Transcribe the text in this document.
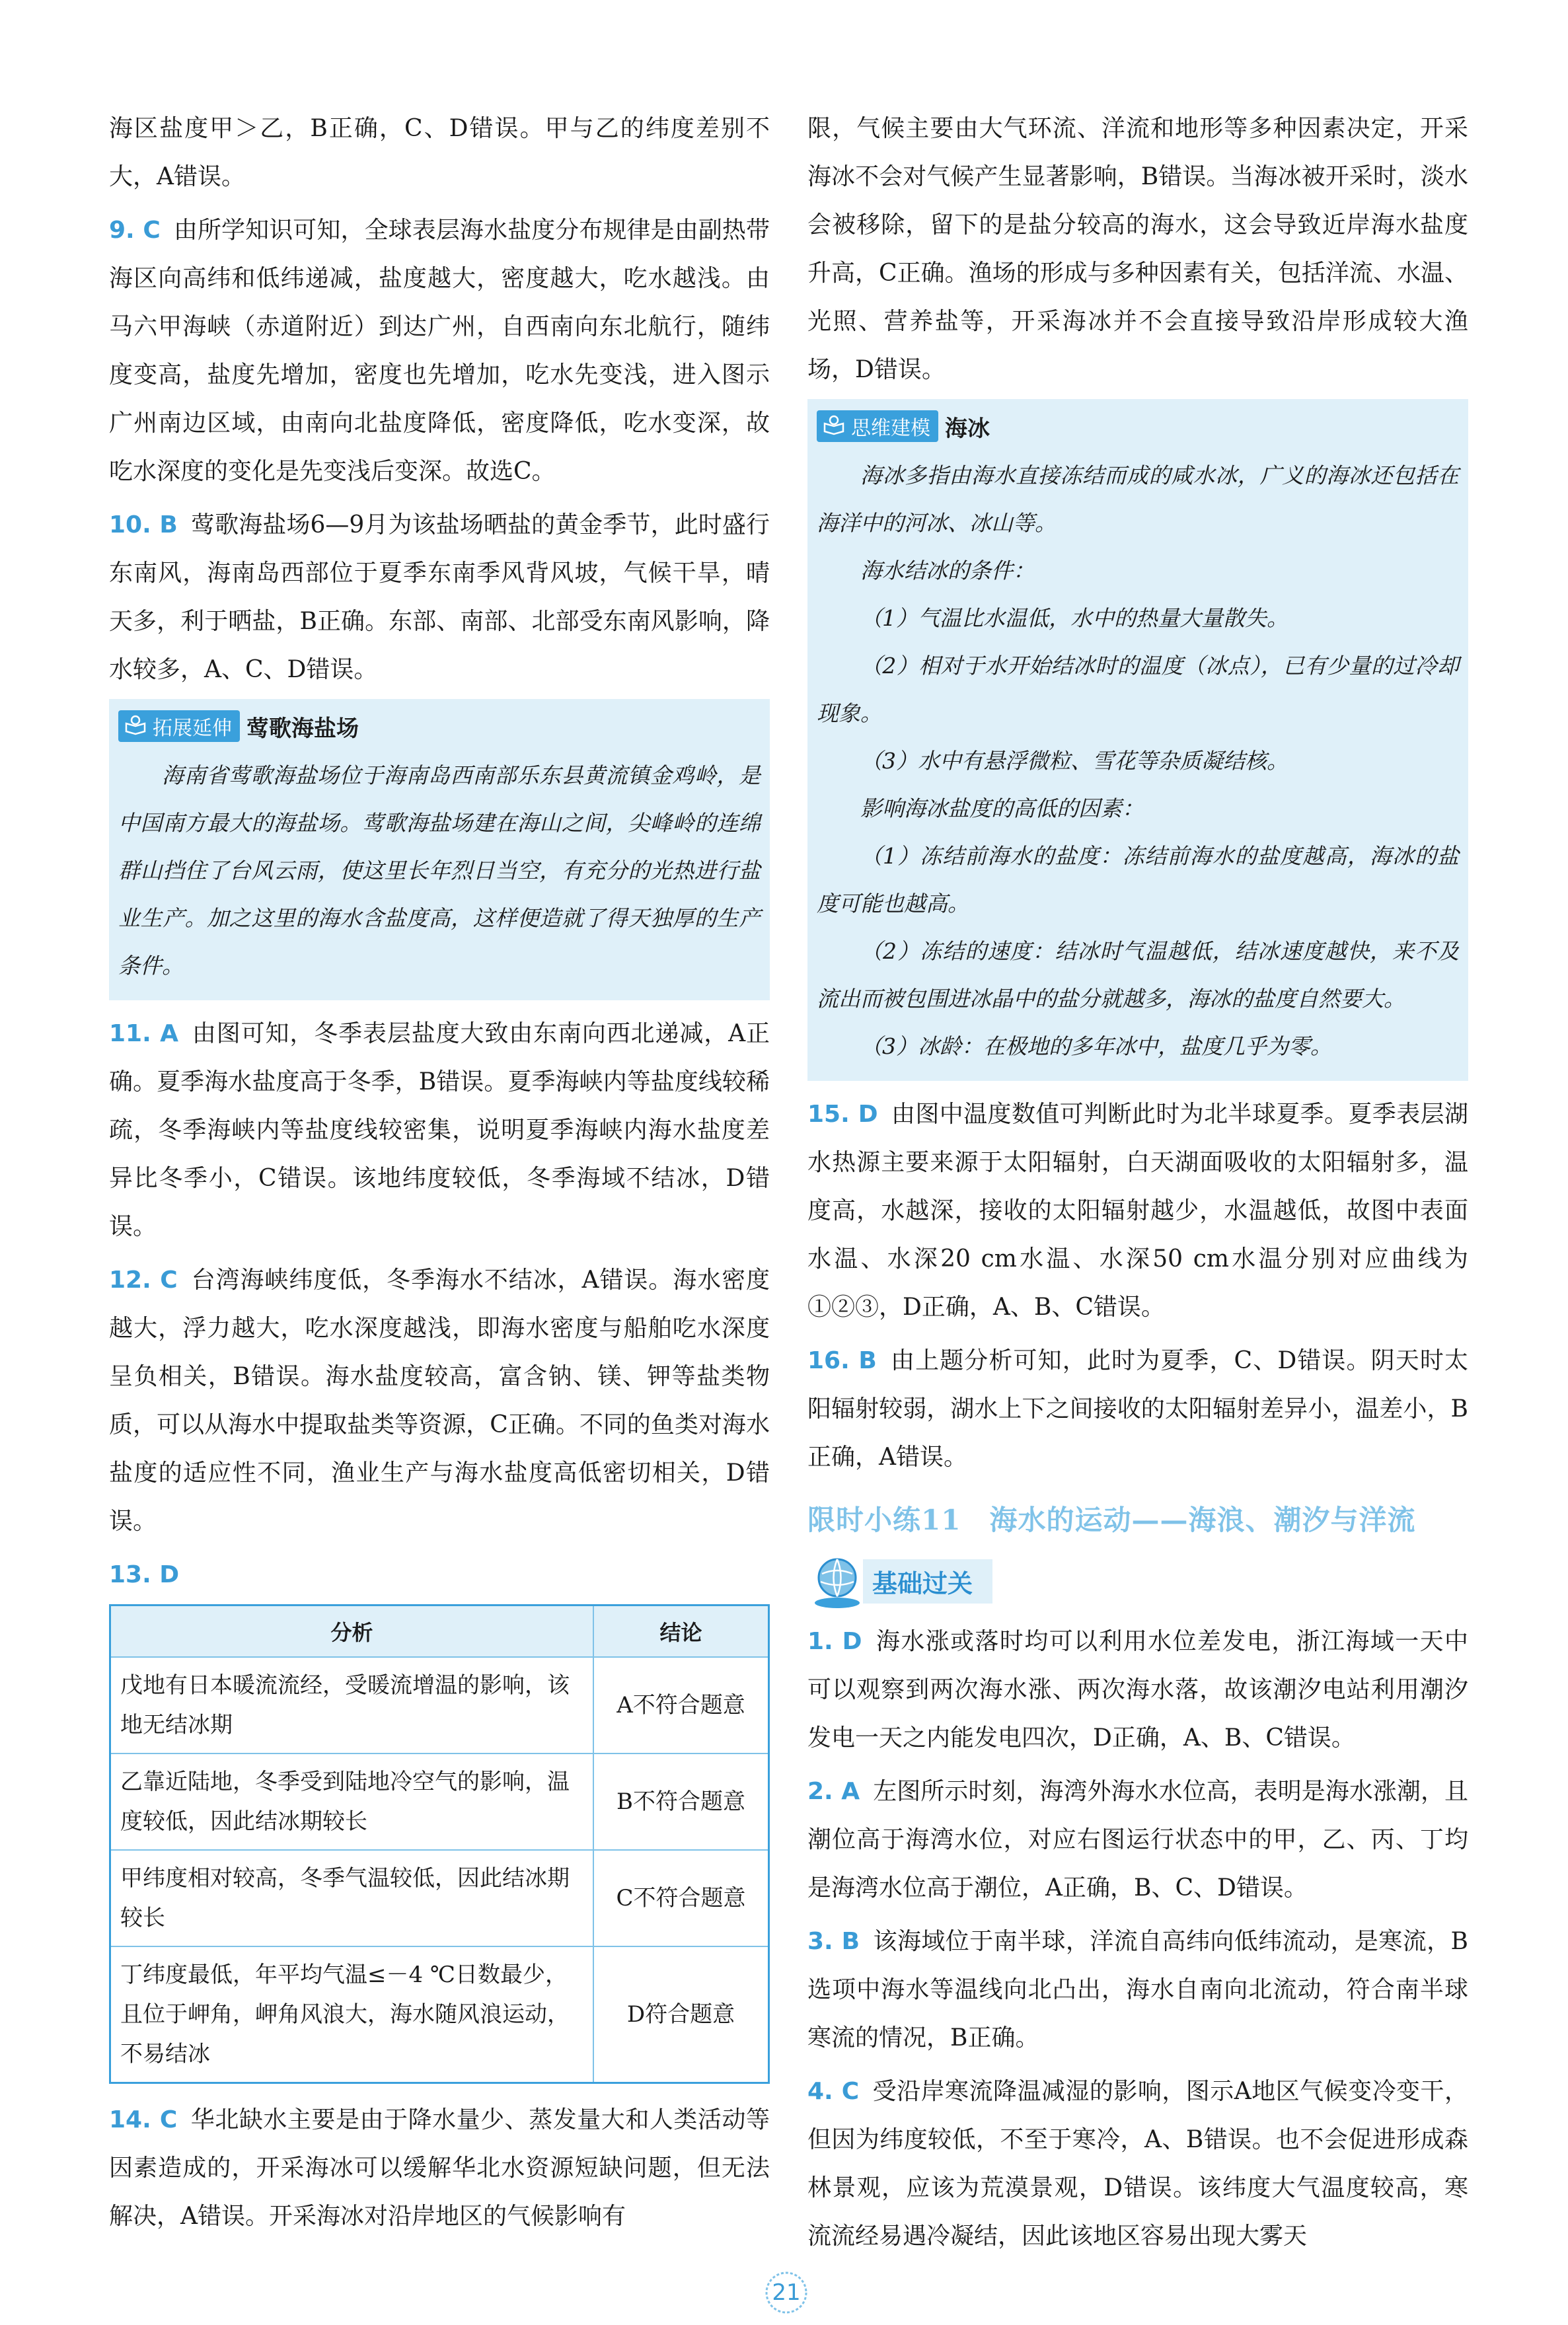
海区盐度甲＞乙，B正确，C、D错误。甲与乙的纬度差别不大，A错误。

9. C 由所学知识可知，全球表层海水盐度分布规律是由副热带海区向高纬和低纬递减，盐度越大，密度越大，吃水越浅。由马六甲海峡（赤道附近）到达广州，自西南向东北航行，随纬度变高，盐度先增加，密度也先增加，吃水先变浅，进入图示广州南边区域，由南向北盐度降低，密度降低，吃水变深，故吃水深度的变化是先变浅后变深。故选C。

10. B 莺歌海盐场6—9月为该盐场晒盐的黄金季节，此时盛行东南风，海南岛西部位于夏季东南季风背风坡，气候干旱，晴天多，利于晒盐，B正确。东部、南部、北部受东南风影响，降水较多，A、C、D错误。

拓展延伸 莺歌海盐场

海南省莺歌海盐场位于海南岛西南部乐东县黄流镇金鸡岭，是中国南方最大的海盐场。莺歌海盐场建在海山之间，尖峰岭的连绵群山挡住了台风云雨，使这里长年烈日当空，有充分的光热进行盐业生产。加之这里的海水含盐度高，这样便造就了得天独厚的生产条件。

11. A 由图可知，冬季表层盐度大致由东南向西北递减，A正确。夏季海水盐度高于冬季，B错误。夏季海峡内等盐度线较稀疏，冬季海峡内等盐度线较密集，说明夏季海峡内海水盐度差异比冬季小，C错误。该地纬度较低，冬季海域不结冰，D错误。

12. C 台湾海峡纬度低，冬季海水不结冰，A错误。海水密度越大，浮力越大，吃水深度越浅，即海水密度与船舶吃水深度呈负相关，B错误。海水盐度较高，富含钠、镁、钾等盐类物质，可以从海水中提取盐类等资源，C正确。不同的鱼类对海水盐度的适应性不同，渔业生产与海水盐度高低密切相关，D错误。

13. D

分析	结论
戊地有日本暖流流经，受暖流增温的影响，该地无结冰期	A不符合题意
乙靠近陆地，冬季受到陆地冷空气的影响，温度较低，因此结冰期较长	B不符合题意
甲纬度相对较高，冬季气温较低，因此结冰期较长	C不符合题意
丁纬度最低，年平均气温≤－4 ℃日数最少，且位于岬角，岬角风浪大，海水随风浪运动，不易结冰	D符合题意

14. C 华北缺水主要是由于降水量少、蒸发量大和人类活动等因素造成的，开采海冰可以缓解华北水资源短缺问题，但无法解决，A错误。开采海冰对沿岸地区的气候影响有

限，气候主要由大气环流、洋流和地形等多种因素决定，开采海冰不会对气候产生显著影响，B错误。当海冰被开采时，淡水会被移除，留下的是盐分较高的海水，这会导致近岸海水盐度升高，C正确。渔场的形成与多种因素有关，包括洋流、水温、光照、营养盐等，开采海冰并不会直接导致沿岸形成较大渔场，D错误。

思维建模 海冰

海冰多指由海水直接冻结而成的咸水冰，广义的海冰还包括在海洋中的河冰、冰山等。

海水结冰的条件：

（1）气温比水温低，水中的热量大量散失。

（2）相对于水开始结冰时的温度（冰点），已有少量的过冷却现象。

（3）水中有悬浮微粒、雪花等杂质凝结核。

影响海冰盐度的高低的因素：

（1）冻结前海水的盐度：冻结前海水的盐度越高，海冰的盐度可能也越高。

（2）冻结的速度：结冰时气温越低，结冰速度越快，来不及流出而被包围进冰晶中的盐分就越多，海冰的盐度自然要大。

（3）冰龄：在极地的多年冰中，盐度几乎为零。

15. D 由图中温度数值可判断此时为北半球夏季。夏季表层湖水热源主要来源于太阳辐射，白天湖面吸收的太阳辐射多，温度高，水越深，接收的太阳辐射越少，水温越低，故图中表面水温、水深20 cm水温、水深50 cm水温分别对应曲线为①②③，D正确，A、B、C错误。

16. B 由上题分析可知，此时为夏季，C、D错误。阴天时太阳辐射较弱，湖水上下之间接收的太阳辐射差异小，温差小，B正确，A错误。

限时小练11　海水的运动——海浪、潮汐与洋流
基础过关

1. D 海水涨或落时均可以利用水位差发电，浙江海域一天中可以观察到两次海水涨、两次海水落，故该潮汐电站利用潮汐发电一天之内能发电四次，D正确，A、B、C错误。

2. A 左图所示时刻，海湾外海水水位高，表明是海水涨潮，且潮位高于海湾水位，对应右图运行状态中的甲，乙、丙、丁均是海湾水位高于潮位，A正确，B、C、D错误。

3. B 该海域位于南半球，洋流自高纬向低纬流动，是寒流，B选项中海水等温线向北凸出，海水自南向北流动，符合南半球寒流的情况，B正确。

4. C 受沿岸寒流降温减湿的影响，图示A地区气候变冷变干，但因为纬度较低，不至于寒冷，A、B错误。也不会促进形成森林景观，应该为荒漠景观，D错误。该纬度大气温度较高，寒流流经易遇冷凝结，因此该地区容易出现大雾天

21
